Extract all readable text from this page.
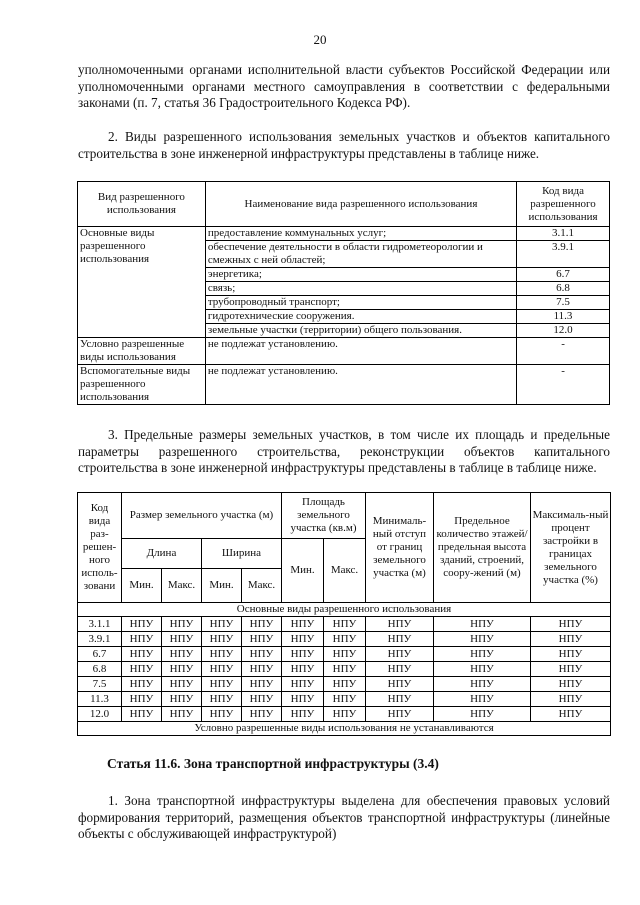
20
уполномоченными органами исполнительной власти субъектов Российской Федерации или уполномоченными органами местного самоуправления в соответствии с федеральными законами (п. 7, статья 36 Градостроительного Кодекса РФ).
2. Виды разрешенного использования земельных участков и объектов капитального строительства в зоне инженерной инфраструктуры представлены в таблице ниже.
Вид разрешенного использования	Наименование вида разрешенного использования	Код вида разрешенного использования
Основные виды разрешенного использования	предоставление коммунальных услуг;	3.1.1
	обеспечение деятельности в области гидрометеорологии и смежных с ней областей;	3.9.1
	энергетика;	6.7
	связь;	6.8
	трубопроводный транспорт;	7.5
	гидротехнические сооружения.	11.3
	земельные участки (территории) общего пользования.	12.0
Условно разрешенные виды использования	не подлежат установлению.	-
Вспомогательные виды разрешенного использования	не подлежат установлению.	-
3. Предельные размеры земельных участков, в том числе их площадь и предельные параметры разрешенного строительства, реконструкции объектов капитального строительства в зоне инженерной инфраструктуры представлены в таблице в таблице ниже.
Код вида раз-решен-ного исполь-зовани	Размер земельного участка (м)				Площадь земельного участка (кв.м)		Минималь-ный отступ от границ земельного участка (м)	Предельное количество этажей/ предельная высота зданий, строений, соору-жений (м)	Максималь-ный процент застройки в границах земельного участка (%)
	Длина		Ширина		Мин.	Макс.			
	Мин.	Макс.	Мин.	Макс.					
Основные виды разрешенного использования									
3.1.1	НПУ	НПУ	НПУ	НПУ	НПУ	НПУ	НПУ	НПУ	НПУ
3.9.1	НПУ	НПУ	НПУ	НПУ	НПУ	НПУ	НПУ	НПУ	НПУ
6.7	НПУ	НПУ	НПУ	НПУ	НПУ	НПУ	НПУ	НПУ	НПУ
6.8	НПУ	НПУ	НПУ	НПУ	НПУ	НПУ	НПУ	НПУ	НПУ
7.5	НПУ	НПУ	НПУ	НПУ	НПУ	НПУ	НПУ	НПУ	НПУ
11.3	НПУ	НПУ	НПУ	НПУ	НПУ	НПУ	НПУ	НПУ	НПУ
12.0	НПУ	НПУ	НПУ	НПУ	НПУ	НПУ	НПУ	НПУ	НПУ
Условно разрешенные виды использования не устанавливаются									
Статья 11.6. Зона транспортной инфраструктуры (3.4)
1. Зона транспортной инфраструктуры выделена для обеспечения правовых условий формирования территорий, размещения объектов транспортной инфраструктуры (линейные объекты с обслуживающей инфраструктурой)
